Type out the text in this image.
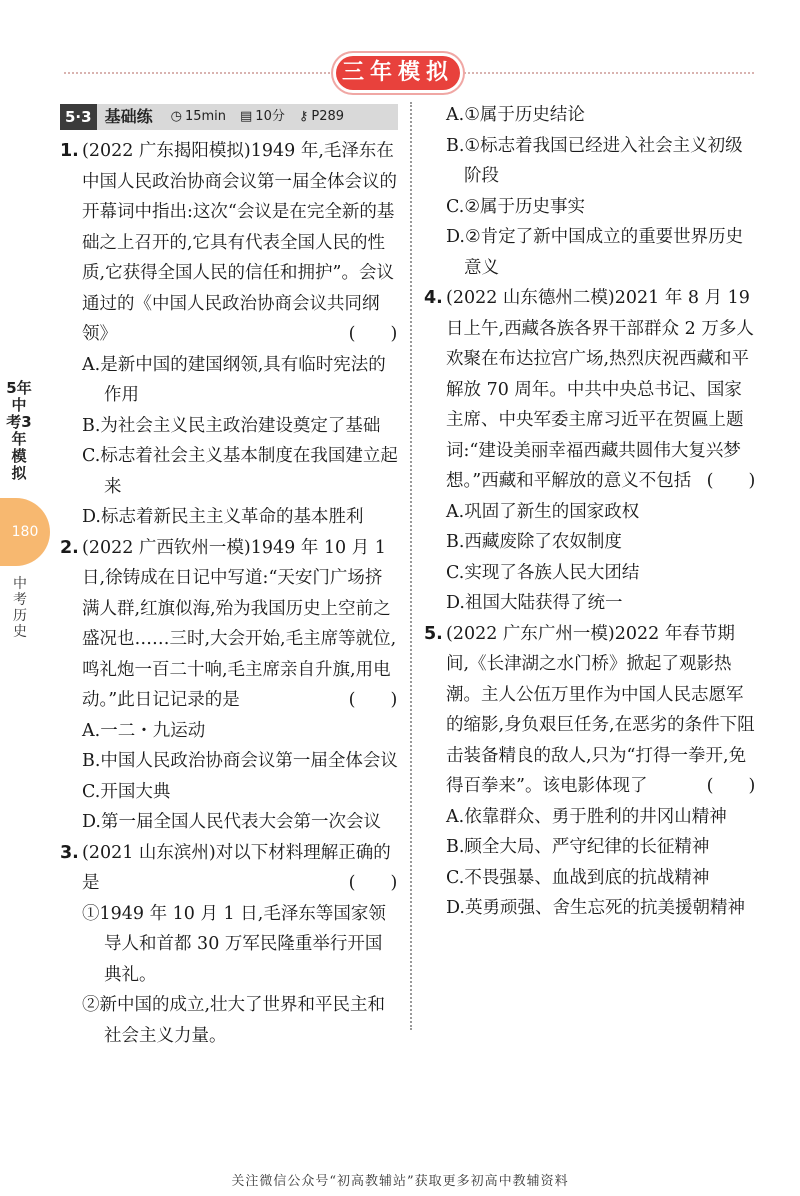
三年模拟
5年中考3年模拟
180
中考历史
5·3 基础练 ◷ 15min ▤ 10分 ⚷ P289
1. (2022 广东揭阳模拟)1949 年,毛泽东在中国人民政治协商会议第一届全体会议的开幕词中指出:这次“会议是在完全新的基础之上召开的,它具有代表全国人民的性质,它获得全国人民的信任和拥护”。会议通过的《中国人民政治协商会议共同纲领》	(　　)
A.是新中国的建国纲领,具有临时宪法的作用
B.为社会主义民主政治建设奠定了基础
C.标志着社会主义基本制度在我国建立起来
D.标志着新民主主义革命的基本胜利
2. (2022 广西钦州一模)1949 年 10 月 1 日,徐铸成在日记中写道:“天安门广场挤满人群,红旗似海,殆为我国历史上空前之盛况也……三时,大会开始,毛主席等就位,鸣礼炮一百二十响,毛主席亲自升旗,用电动。”此日记记录的是	(　　)
A.一二・九运动
B.中国人民政治协商会议第一届全体会议
C.开国大典
D.第一届全国人民代表大会第一次会议
3. (2021 山东滨州)对以下材料理解正确的是	(　　)
①1949 年 10 月 1 日,毛泽东等国家领导人和首都 30 万军民隆重举行开国典礼。
②新中国的成立,壮大了世界和平民主和社会主义力量。
A.①属于历史结论
B.①标志着我国已经进入社会主义初级阶段
C.②属于历史事实
D.②肯定了新中国成立的重要世界历史意义
4. (2022 山东德州二模)2021 年 8 月 19 日上午,西藏各族各界干部群众 2 万多人欢聚在布达拉宫广场,热烈庆祝西藏和平解放 70 周年。中共中央总书记、国家主席、中央军委主席习近平在贺匾上题词:“建设美丽幸福西藏共圆伟大复兴梦想。”西藏和平解放的意义不包括 (　　)
A.巩固了新生的国家政权
B.西藏废除了农奴制度
C.实现了各族人民大团结
D.祖国大陆获得了统一
5. (2022 广东广州一模)2022 年春节期间,《长津湖之水门桥》掀起了观影热潮。主人公伍万里作为中国人民志愿军的缩影,身负艰巨任务,在恶劣的条件下阻击装备精良的敌人,只为“打得一拳开,免得百拳来”。该电影体现了	(　　)
A.依靠群众、勇于胜利的井冈山精神
B.顾全大局、严守纪律的长征精神
C.不畏强暴、血战到底的抗战精神
D.英勇顽强、舍生忘死的抗美援朝精神
关注微信公众号“初高教辅站”获取更多初高中教辅资料
